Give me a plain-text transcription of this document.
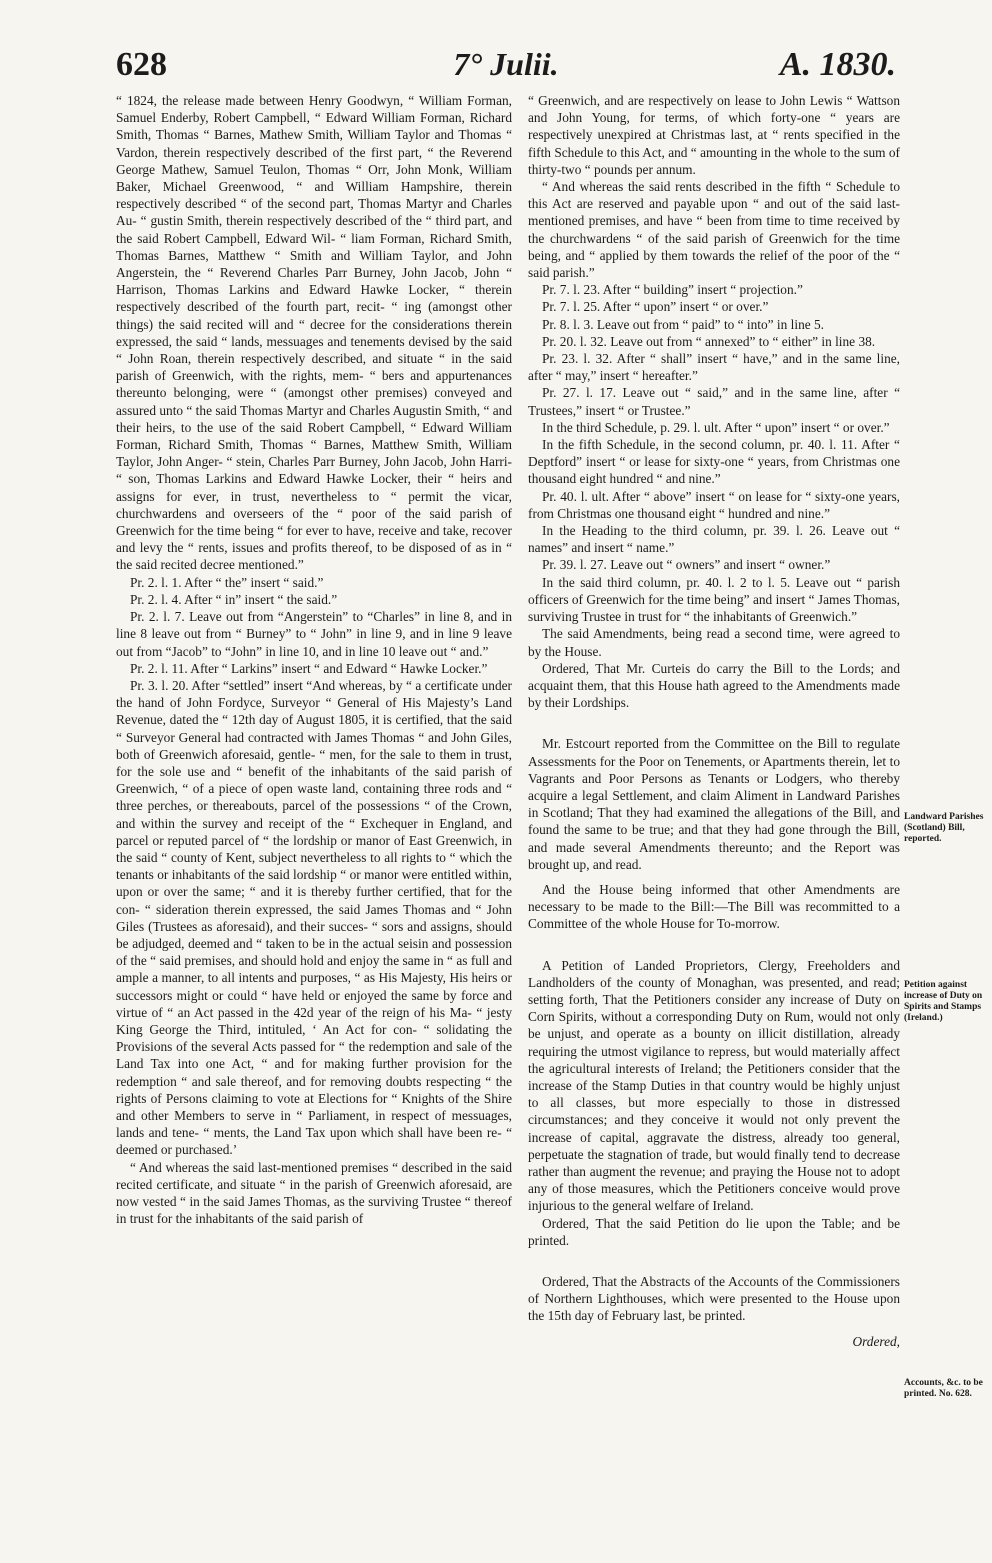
628	7° Julii.	A. 1830.

“ 1824, the release made between Henry Goodwyn, “ William Forman, Samuel Enderby, Robert Campbell, “ Edward William Forman, Richard Smith, Thomas “ Barnes, Mathew Smith, William Taylor and Thomas “ Vardon, therein respectively described of the first part, “ the Reverend George Mathew, Samuel Teulon, Thomas “ Orr, John Monk, William Baker, Michael Greenwood, “ and William Hampshire, therein respectively described “ of the second part, Thomas Martyr and Charles Au- “ gustin Smith, therein respectively described of the “ third part, and the said Robert Campbell, Edward Wil- “ liam Forman, Richard Smith, Thomas Barnes, Matthew “ Smith and William Taylor, and John Angerstein, the “ Reverend Charles Parr Burney, John Jacob, John “ Harrison, Thomas Larkins and Edward Hawke Locker, “ therein respectively described of the fourth part, recit- “ ing (amongst other things) the said recited will and “ decree for the considerations therein expressed, the said “ lands, messuages and tenements devised by the said “ John Roan, therein respectively described, and situate “ in the said parish of Greenwich, with the rights, mem- “ bers and appurtenances thereunto belonging, were “ (amongst other premises) conveyed and assured unto “ the said Thomas Martyr and Charles Augustin Smith, “ and their heirs, to the use of the said Robert Campbell, “ Edward William Forman, Richard Smith, Thomas “ Barnes, Matthew Smith, William Taylor, John Anger- “ stein, Charles Parr Burney, John Jacob, John Harri- “ son, Thomas Larkins and Edward Hawke Locker, their “ heirs and assigns for ever, in trust, nevertheless to “ permit the vicar, churchwardens and overseers of the “ poor of the said parish of Greenwich for the time being “ for ever to have, receive and take, recover and levy the “ rents, issues and profits thereof, to be disposed of as in “ the said recited decree mentioned.”

Pr. 2. l. 1. After “ the” insert “ said.”

Pr. 2. l. 4. After “ in” insert “ the said.”

Pr. 2. l. 7. Leave out from “Angerstein” to “Charles” in line 8, and in line 8 leave out from “ Burney” to “ John” in line 9, and in line 9 leave out from “Jacob” to “John” in line 10, and in line 10 leave out “ and.”

Pr. 2. l. 11. After “ Larkins” insert “ and Edward “ Hawke Locker.”

Pr. 3. l. 20. After “settled” insert “And whereas, by “ a certificate under the hand of John Fordyce, Surveyor “ General of His Majesty’s Land Revenue, dated the “ 12th day of August 1805, it is certified, that the said “ Surveyor General had contracted with James Thomas “ and John Giles, both of Greenwich aforesaid, gentle- “ men, for the sale to them in trust, for the sole use and “ benefit of the inhabitants of the said parish of Greenwich, “ of a piece of open waste land, containing three rods and “ three perches, or thereabouts, parcel of the possessions “ of the Crown, and within the survey and receipt of the “ Exchequer in England, and parcel or reputed parcel of “ the lordship or manor of East Greenwich, in the said “ county of Kent, subject nevertheless to all rights to “ which the tenants or inhabitants of the said lordship “ or manor were entitled within, upon or over the same; “ and it is thereby further certified, that for the con- “ sideration therein expressed, the said James Thomas and “ John Giles (Trustees as aforesaid), and their succes- “ sors and assigns, should be adjudged, deemed and “ taken to be in the actual seisin and possession of the “ said premises, and should hold and enjoy the same in “ as full and ample a manner, to all intents and purposes, “ as His Majesty, His heirs or successors might or could “ have held or enjoyed the same by force and virtue of “ an Act passed in the 42d year of the reign of his Ma- “ jesty King George the Third, intituled, ‘ An Act for con- “ solidating the Provisions of the several Acts passed for “ the redemption and sale of the Land Tax into one Act, “ and for making further provision for the redemption “ and sale thereof, and for removing doubts respecting “ the rights of Persons claiming to vote at Elections for “ Knights of the Shire and other Members to serve in “ Parliament, in respect of messuages, lands and tene- “ ments, the Land Tax upon which shall have been re- “ deemed or purchased.’

“ And whereas the said last-mentioned premises “ described in the said recited certificate, and situate “ in the parish of Greenwich aforesaid, are now vested “ in the said James Thomas, as the surviving Trustee “ thereof in trust for the inhabitants of the said parish of

“ Greenwich, and are respectively on lease to John Lewis “ Wattson and John Young, for terms, of which forty-one “ years are respectively unexpired at Christmas last, at “ rents specified in the fifth Schedule to this Act, and “ amounting in the whole to the sum of thirty-two “ pounds per annum.

“ And whereas the said rents described in the fifth “ Schedule to this Act are reserved and payable upon “ and out of the said last-mentioned premises, and have “ been from time to time received by the churchwardens “ of the said parish of Greenwich for the time being, and “ applied by them towards the relief of the poor of the “ said parish.”

Pr. 7. l. 23. After “ building” insert “ projection.”

Pr. 7. l. 25. After “ upon” insert “ or over.”

Pr. 8. l. 3. Leave out from “ paid” to “ into” in line 5.

Pr. 20. l. 32. Leave out from “ annexed” to “ either” in line 38.

Pr. 23. l. 32. After “ shall” insert “ have,” and in the same line, after “ may,” insert “ hereafter.”

Pr. 27. l. 17. Leave out “ said,” and in the same line, after “ Trustees,” insert “ or Trustee.”

In the third Schedule, p. 29. l. ult. After “ upon” insert “ or over.”

In the fifth Schedule, in the second column, pr. 40. l. 11. After “ Deptford” insert “ or lease for sixty-one “ years, from Christmas one thousand eight hundred “ and nine.”

Pr. 40. l. ult. After “ above” insert “ on lease for “ sixty-one years, from Christmas one thousand eight “ hundred and nine.”

In the Heading to the third column, pr. 39. l. 26. Leave out “ names” and insert “ name.”

Pr. 39. l. 27. Leave out “ owners” and insert “ owner.”

In the said third column, pr. 40. l. 2 to l. 5. Leave out “ parish officers of Greenwich for the time being” and insert “ James Thomas, surviving Trustee in trust for “ the inhabitants of Greenwich.”

The said Amendments, being read a second time, were agreed to by the House.

Ordered, That Mr. Curteis do carry the Bill to the Lords; and acquaint them, that this House hath agreed to the Amendments made by their Lordships.

Mr. Estcourt reported from the Committee on the Bill to regulate Assessments for the Poor on Tenements, or Apartments therein, let to Vagrants and Poor Persons as Tenants or Lodgers, who thereby acquire a legal Settlement, and claim Aliment in Landward Parishes in Scotland; That they had examined the allegations of the Bill, and found the same to be true; and that they had gone through the Bill, and made several Amendments thereunto; and the Report was brought up, and read.

And the House being informed that other Amendments are necessary to be made to the Bill:—The Bill was recommitted to a Committee of the whole House for To-morrow.

A Petition of Landed Proprietors, Clergy, Freeholders and Landholders of the county of Monaghan, was presented, and read; setting forth, That the Petitioners consider any increase of Duty on Corn Spirits, without a corresponding Duty on Rum, would not only be unjust, and operate as a bounty on illicit distillation, already requiring the utmost vigilance to repress, but would materially affect the agricultural interests of Ireland; the Petitioners consider that the increase of the Stamp Duties in that country would be highly unjust to all classes, but more especially to those in distressed circumstances; and they conceive it would not only prevent the increase of capital, aggravate the distress, already too general, perpetuate the stagnation of trade, but would finally tend to decrease rather than augment the revenue; and praying the House not to adopt any of those measures, which the Petitioners conceive would prove injurious to the general welfare of Ireland.

Ordered, That the said Petition do lie upon the Table; and be printed.

Ordered, That the Abstracts of the Accounts of the Commissioners of Northern Lighthouses, which were presented to the House upon the 15th day of February last, be printed.

Ordered,

Landward Parishes (Scotland) Bill, reported.
Petition against increase of Duty on Spirits and Stamps (Ireland.)
Accounts, &c. to be printed. No. 628.
